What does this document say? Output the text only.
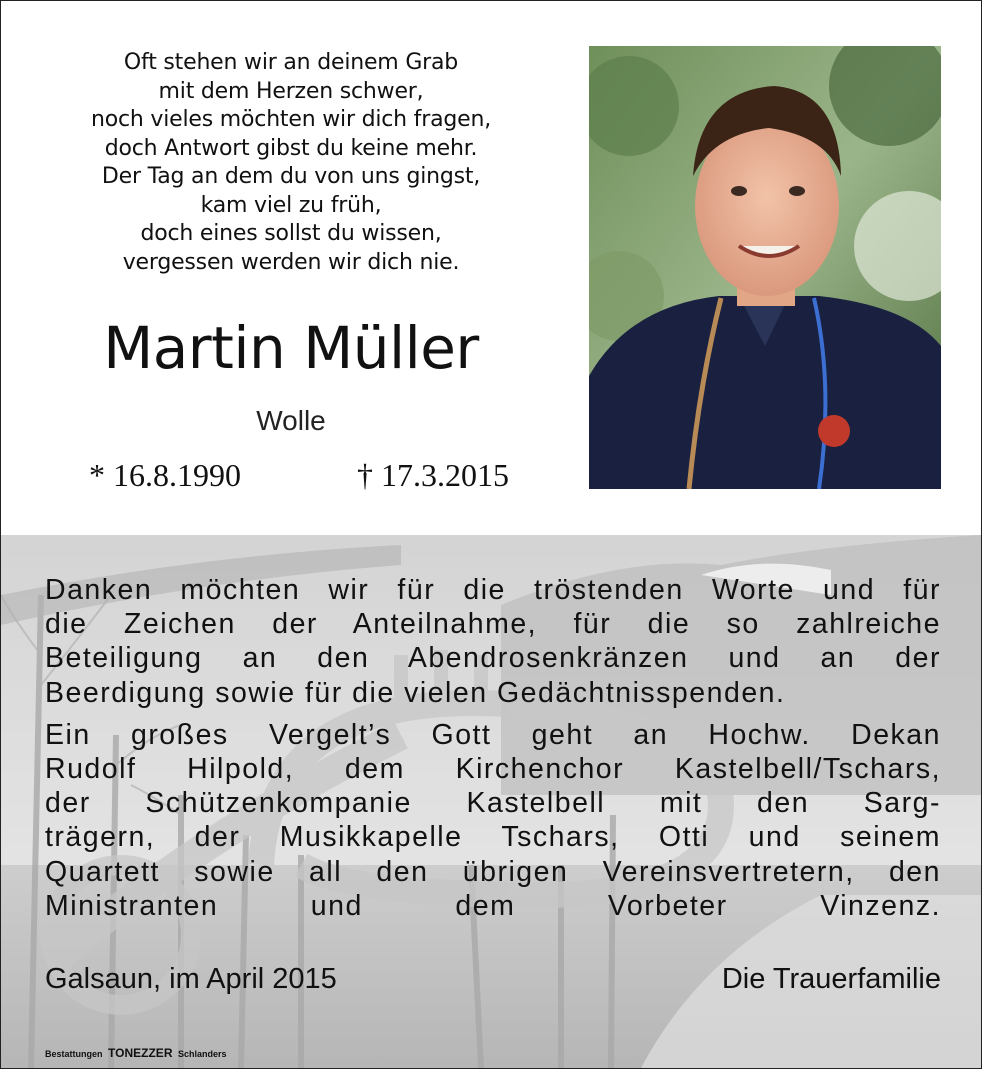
Oft stehen wir an deinem Grab
mit dem Herzen schwer,
noch vieles möchten wir dich fragen,
doch Antwort gibst du keine mehr.
Der Tag an dem du von uns gingst,
kam viel zu früh,
doch eines sollst du wissen,
vergessen werden wir dich nie.
Martin Müller
Wolle
* 16.8.1990	† 17.3.2015

Danken möchten wir für die tröstenden Worte und für
die Zeichen der Anteilnahme, für die so zahlreiche
Beteiligung an den Abendrosenkränzen und an der
Beerdigung sowie für die vielen Gedächtnisspenden.

Ein großes Vergelt’s Gott geht an Hochw. Dekan
Rudolf Hilpold, dem Kirchenchor Kastelbell/Tschars,
der Schützenkompanie Kastelbell mit den Sarg-
trägern, der Musikkapelle Tschars, Otti und seinem
Quartett sowie all den übrigen Vereinsvertretern, den
Ministranten und dem Vorbeter Vinzenz.

Galsaun, im April 2015	Die Trauerfamilie
Bestattungen TONEZZER Schlanders
